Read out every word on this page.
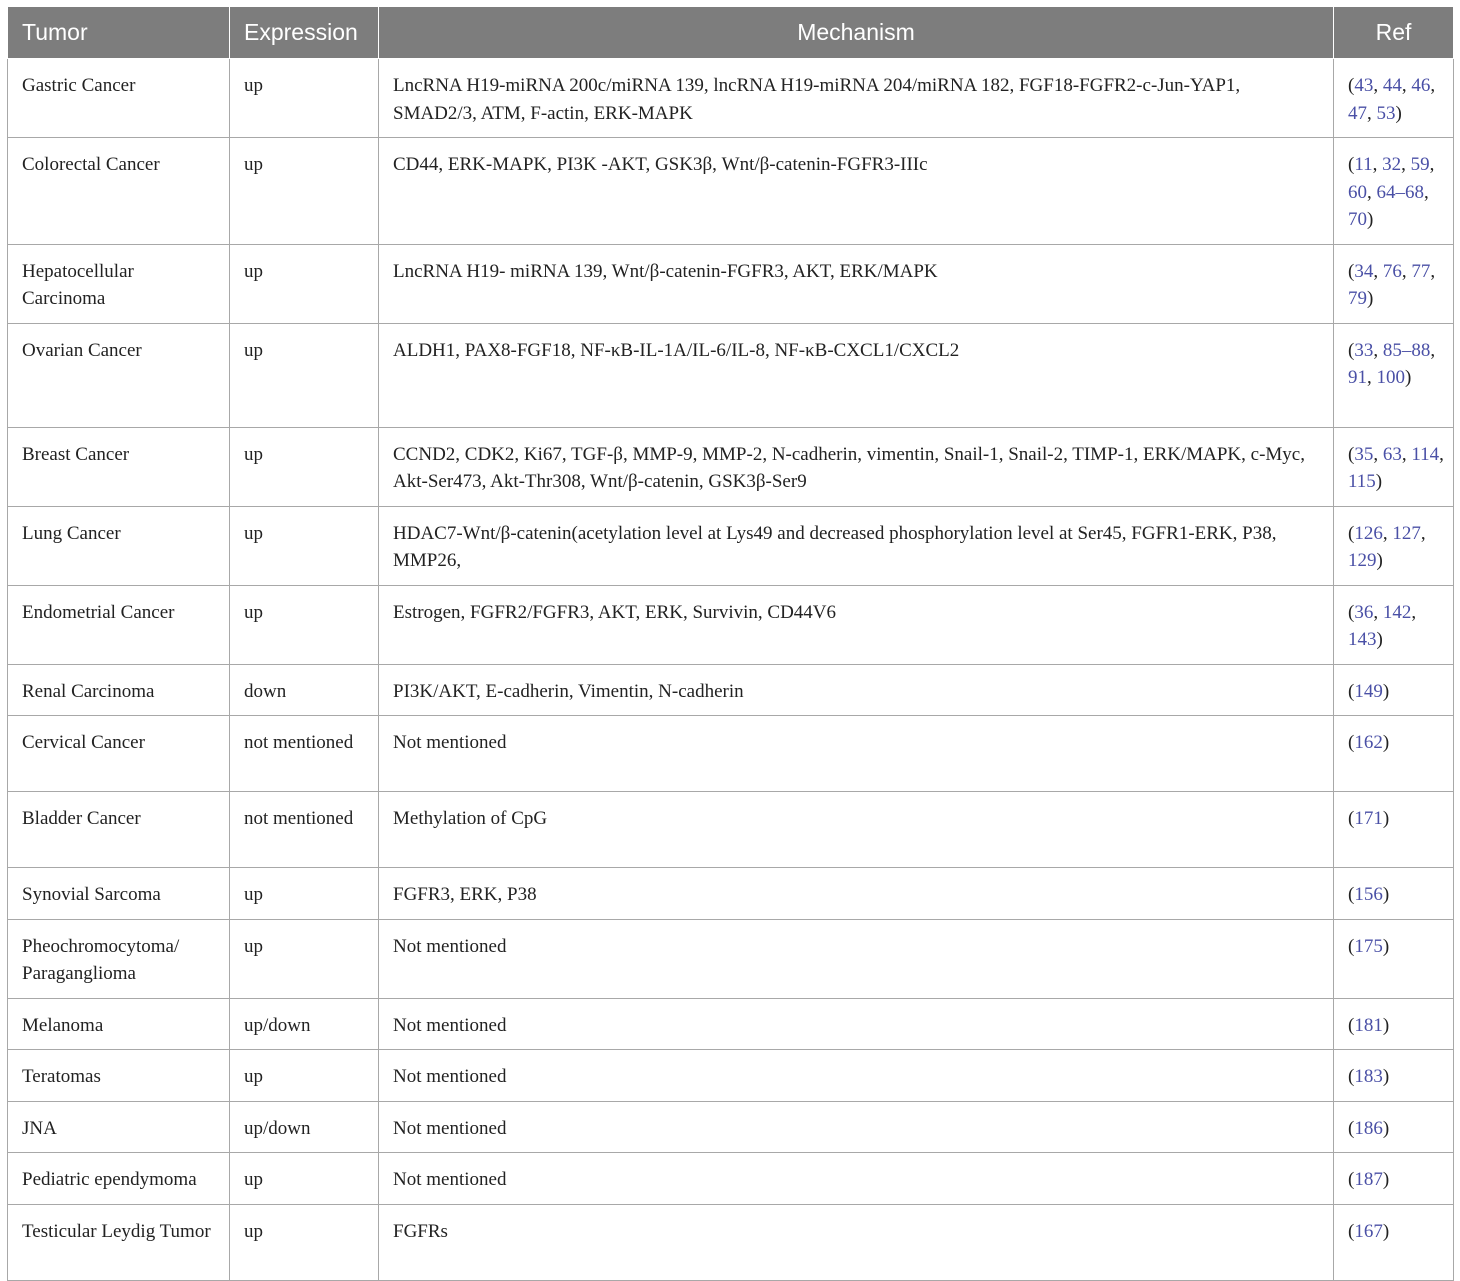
Tumor	Expression	Mechanism	Ref
Gastric Cancer	up	LncRNA H19-miRNA 200c/miRNA 139, lncRNA H19-miRNA 204/miRNA 182, FGF18-FGFR2-c-Jun-YAP1, SMAD2/3, ATM, F-actin, ERK-MAPK	(43, 44, 46, 47, 53)
Colorectal Cancer	up	CD44, ERK-MAPK, PI3K -AKT, GSK3β, Wnt/β-catenin-FGFR3-IIIc	(11, 32, 59, 60, 64–68, 70)
Hepatocellular Carcinoma	up	LncRNA H19- miRNA 139, Wnt/β-catenin-FGFR3, AKT, ERK/MAPK	(34, 76, 77, 79)
Ovarian Cancer	up	ALDH1, PAX8-FGF18, NF-κB-IL-1A/IL-6/IL-8, NF-κB-CXCL1/CXCL2	(33, 85–88, 91, 100)
Breast Cancer	up	CCND2, CDK2, Ki67, TGF-β, MMP-9, MMP-2, N-cadherin, vimentin, Snail-1, Snail-2, TIMP-1, ERK/MAPK, c-Myc, Akt-Ser473, Akt-Thr308, Wnt/β-catenin, GSK3β-Ser9	(35, 63, 114, 115)
Lung Cancer	up	HDAC7-Wnt/β-catenin(acetylation level at Lys49 and decreased phosphorylation level at Ser45, FGFR1-ERK, P38, MMP26,	(126, 127, 129)
Endometrial Cancer	up	Estrogen, FGFR2/FGFR3, AKT, ERK, Survivin, CD44V6	(36, 142, 143)
Renal Carcinoma	down	PI3K/AKT, E-cadherin, Vimentin, N-cadherin	(149)
Cervical Cancer	not mentioned	Not mentioned	(162)
Bladder Cancer	not mentioned	Methylation of CpG	(171)
Synovial Sarcoma	up	FGFR3, ERK, P38	(156)
Pheochromocytoma/ Paraganglioma	up	Not mentioned	(175)
Melanoma	up/down	Not mentioned	(181)
Teratomas	up	Not mentioned	(183)
JNA	up/down	Not mentioned	(186)
Pediatric ependymoma	up	Not mentioned	(187)
Testicular Leydig Tumor	up	FGFRs	(167)
